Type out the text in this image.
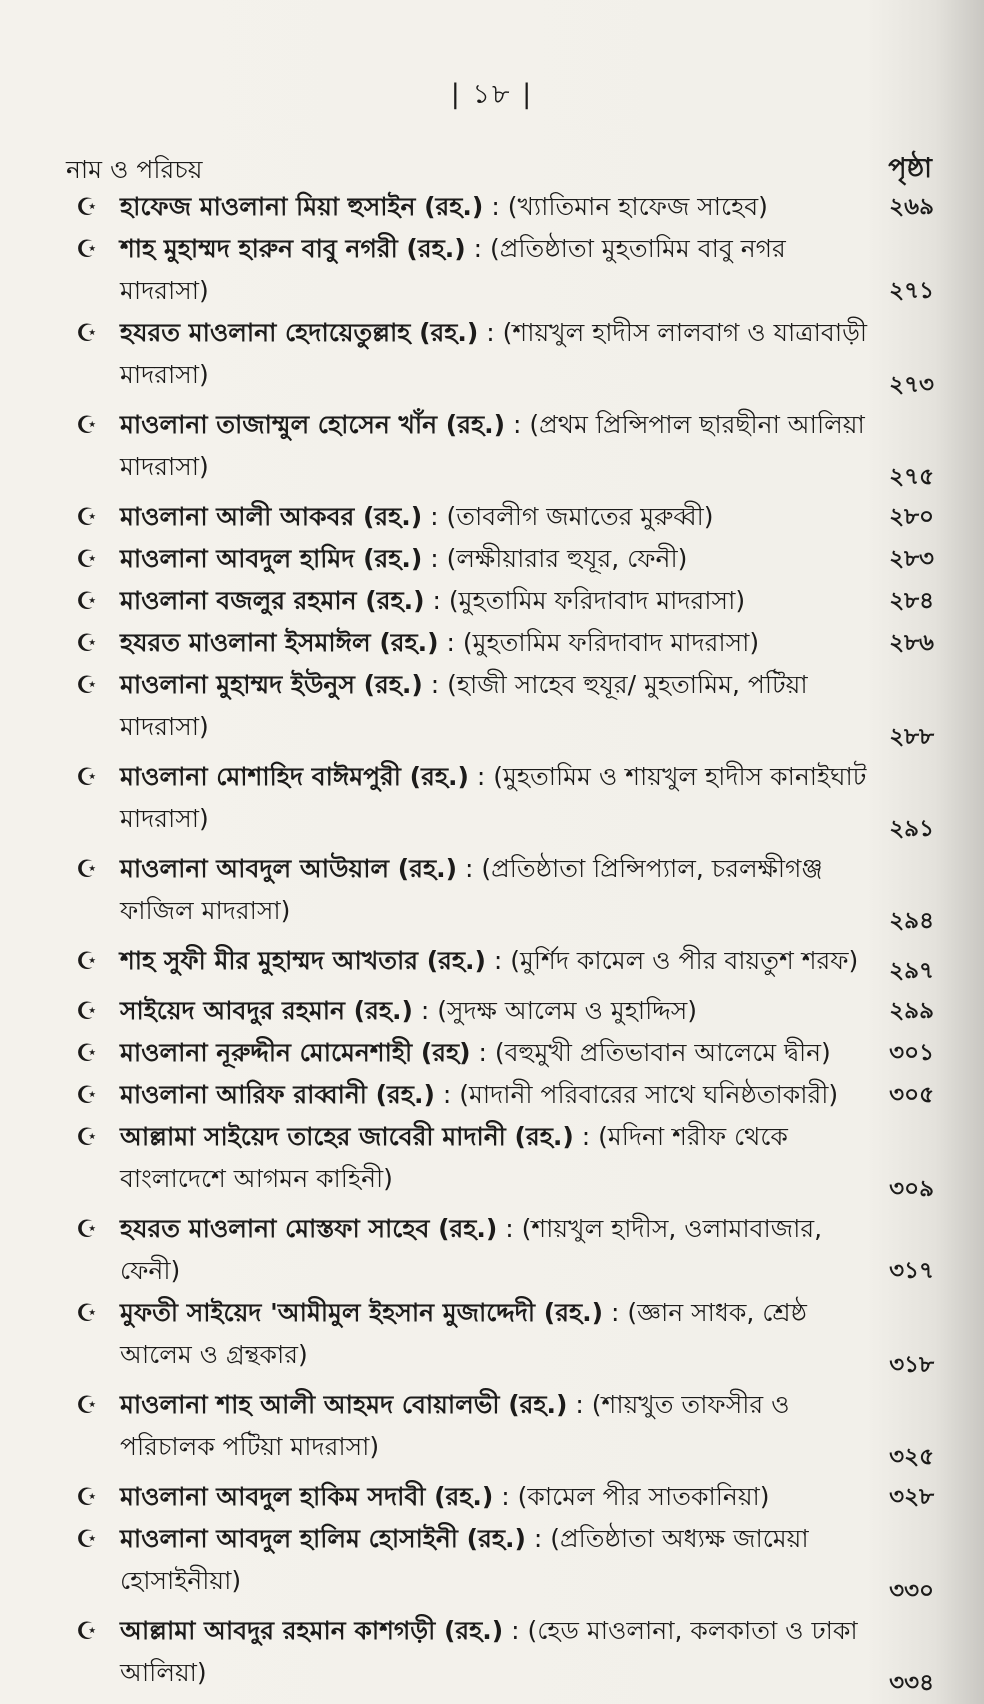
| ১৮ |
নাম ও পরিচয়	পৃষ্ঠা
☪ হাফেজ মাওলানা মিয়া হুসাইন (রহ.) : (খ্যাতিমান হাফেজ সাহেব)	২৬৯
☪ শাহ মুহাম্মদ হারুন বাবু নগরী (রহ.) : (প্রতিষ্ঠাতা মুহতামিম বাবু নগর মাদরাসা)	২৭১
☪ হযরত মাওলানা হেদায়েতুল্লাহ (রহ.) : (শায়খুল হাদীস লালবাগ ও যাত্রাবাড়ী মাদরাসা)	২৭৩
☪ মাওলানা তাজাম্মুল হোসেন খাঁন (রহ.) : (প্রথম প্রিন্সিপাল ছারছীনা আলিয়া মাদরাসা)	২৭৫
☪ মাওলানা আলী আকবর (রহ.) : (তাবলীগ জমাতের মুরুব্বী)	২৮০
☪ মাওলানা আবদুল হামিদ (রহ.) : (লক্ষীয়ারার হুযূর, ফেনী)	২৮৩
☪ মাওলানা বজলুর রহমান (রহ.) : (মুহতামিম ফরিদাবাদ মাদরাসা)	২৮৪
☪ হযরত মাওলানা ইসমাঈল (রহ.) : (মুহতামিম ফরিদাবাদ মাদরাসা)	২৮৬
☪ মাওলানা মুহাম্মদ ইউনুস (রহ.) : (হাজী সাহেব হুযূর/ মুহতামিম, পটিয়া মাদরাসা)	২৮৮
☪ মাওলানা মোশাহিদ বাঈমপুরী (রহ.) : (মুহতামিম ও শায়খুল হাদীস কানাইঘাট মাদরাসা)	২৯১
☪ মাওলানা আবদুল আউয়াল (রহ.) : (প্রতিষ্ঠাতা প্রিন্সিপ্যাল, চরলক্ষীগঞ্জ ফাজিল মাদরাসা)	২৯৪
☪ শাহ সুফী মীর মুহাম্মদ আখতার (রহ.) : (মুর্শিদ কামেল ও পীর বায়তুশ শরফ) ২৯৭
☪ সাইয়েদ আবদুর রহমান (রহ.) : (সুদক্ষ আলেম ও মুহাদ্দিস)	২৯৯
☪ মাওলানা নূরুদ্দীন মোমেনশাহী (রহ) : (বহুমুখী প্রতিভাবান আলেমে দ্বীন)	৩০১
☪ মাওলানা আরিফ রাব্বানী (রহ.) : (মাদানী পরিবারের সাথে ঘনিষ্ঠতাকারী) ৩০৫
☪ আল্লামা সাইয়েদ তাহের জাবেরী মাদানী (রহ.) : (মদিনা শরীফ থেকে বাংলাদেশে আগমন কাহিনী)	৩০৯
☪ হযরত মাওলানা মোস্তফা সাহেব (রহ.) : (শায়খুল হাদীস, ওলামাবাজার, ফেনী)	৩১৭
☪ মুফতী সাইয়েদ 'আমীমুল ইহসান মুজাদ্দেদী (রহ.) : (জ্ঞান সাধক, শ্রেষ্ঠ আলেম ও গ্রন্থকার)	৩১৮
☪ মাওলানা শাহ আলী আহমদ বোয়ালভী (রহ.) : (শায়খুত তাফসীর ও পরিচালক পটিয়া মাদরাসা)	৩২৫
☪ মাওলানা আবদুল হাকিম সদাবী (রহ.) : (কামেল পীর সাতকানিয়া)	৩২৮
☪ মাওলানা আবদুল হালিম হোসাইনী (রহ.) : (প্রতিষ্ঠাতা অধ্যক্ষ জামেয়া হোসাইনীয়া)	৩৩০
☪ আল্লামা আবদুর রহমান কাশগড়ী (রহ.) : (হেড মাওলানা, কলকাতা ও ঢাকা আলিয়া)	৩৩৪
